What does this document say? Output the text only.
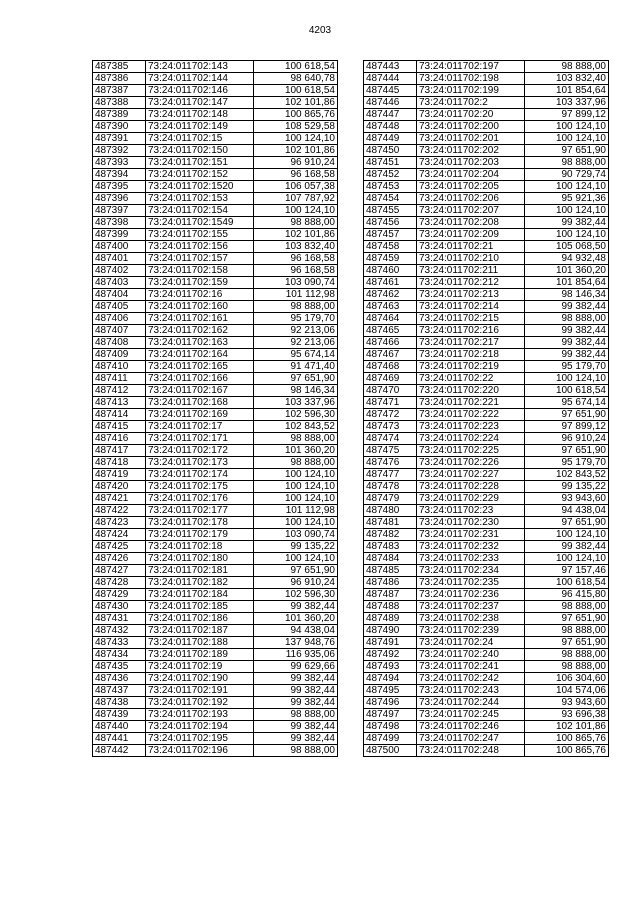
4203
487385	73:24:011702:143	100 618,54
487386	73:24:011702:144	98 640,78
487387	73:24:011702:146	100 618,54
487388	73:24:011702:147	102 101,86
487389	73:24:011702:148	100 865,76
487390	73:24:011702:149	108 529,58
487391	73:24:011702:15	100 124,10
487392	73:24:011702:150	102 101,86
487393	73:24:011702:151	96 910,24
487394	73:24:011702:152	96 168,58
487395	73:24:011702:1520	106 057,38
487396	73:24:011702:153	107 787,92
487397	73:24:011702:154	100 124,10
487398	73:24:011702:1549	98 888,00
487399	73:24:011702:155	102 101,86
487400	73:24:011702:156	103 832,40
487401	73:24:011702:157	96 168,58
487402	73:24:011702:158	96 168,58
487403	73:24:011702:159	103 090,74
487404	73:24:011702:16	101 112,98
487405	73:24:011702:160	98 888,00
487406	73:24:011702:161	95 179,70
487407	73:24:011702:162	92 213,06
487408	73:24:011702:163	92 213,06
487409	73:24:011702:164	95 674,14
487410	73:24:011702:165	91 471,40
487411	73:24:011702:166	97 651,90
487412	73:24:011702:167	98 146,34
487413	73:24:011702:168	103 337,96
487414	73:24:011702:169	102 596,30
487415	73:24:011702:17	102 843,52
487416	73:24:011702:171	98 888,00
487417	73:24:011702:172	101 360,20
487418	73:24:011702:173	98 888,00
487419	73:24:011702:174	100 124,10
487420	73:24:011702:175	100 124,10
487421	73:24:011702:176	100 124,10
487422	73:24:011702:177	101 112,98
487423	73:24:011702:178	100 124,10
487424	73:24:011702:179	103 090,74
487425	73:24:011702:18	99 135,22
487426	73:24:011702:180	100 124,10
487427	73:24:011702:181	97 651,90
487428	73:24:011702:182	96 910,24
487429	73:24:011702:184	102 596,30
487430	73:24:011702:185	99 382,44
487431	73:24:011702:186	101 360,20
487432	73:24:011702:187	94 438,04
487433	73:24:011702:188	137 948,76
487434	73:24:011702:189	116 935,06
487435	73:24:011702:19	99 629,66
487436	73:24:011702:190	99 382,44
487437	73:24:011702:191	99 382,44
487438	73:24:011702:192	99 382,44
487439	73:24:011702:193	98 888,00
487440	73:24:011702:194	99 382,44
487441	73:24:011702:195	99 382,44
487442	73:24:011702:196	98 888,00
487443	73:24:011702:197	98 888,00
487444	73:24:011702:198	103 832,40
487445	73:24:011702:199	101 854,64
487446	73:24:011702:2	103 337,96
487447	73:24:011702:20	97 899,12
487448	73:24:011702:200	100 124,10
487449	73:24:011702:201	100 124,10
487450	73:24:011702:202	97 651,90
487451	73:24:011702:203	98 888,00
487452	73:24:011702:204	90 729,74
487453	73:24:011702:205	100 124,10
487454	73:24:011702:206	95 921,36
487455	73:24:011702:207	100 124,10
487456	73:24:011702:208	99 382,44
487457	73:24:011702:209	100 124,10
487458	73:24:011702:21	105 068,50
487459	73:24:011702:210	94 932,48
487460	73:24:011702:211	101 360,20
487461	73:24:011702:212	101 854,64
487462	73:24:011702:213	98 146,34
487463	73:24:011702:214	99 382,44
487464	73:24:011702:215	98 888,00
487465	73:24:011702:216	99 382,44
487466	73:24:011702:217	99 382,44
487467	73:24:011702:218	99 382,44
487468	73:24:011702:219	95 179,70
487469	73:24:011702:22	100 124,10
487470	73:24:011702:220	100 618,54
487471	73:24:011702:221	95 674,14
487472	73:24:011702:222	97 651,90
487473	73:24:011702:223	97 899,12
487474	73:24:011702:224	96 910,24
487475	73:24:011702:225	97 651,90
487476	73:24:011702:226	95 179,70
487477	73:24:011702:227	102 843,52
487478	73:24:011702:228	99 135,22
487479	73:24:011702:229	93 943,60
487480	73:24:011702:23	94 438,04
487481	73:24:011702:230	97 651,90
487482	73:24:011702:231	100 124,10
487483	73:24:011702:232	99 382,44
487484	73:24:011702:233	100 124,10
487485	73:24:011702:234	97 157,46
487486	73:24:011702:235	100 618,54
487487	73:24:011702:236	96 415,80
487488	73:24:011702:237	98 888,00
487489	73:24:011702:238	97 651,90
487490	73:24:011702:239	98 888,00
487491	73:24:011702:24	97 651,90
487492	73:24:011702:240	98 888,00
487493	73:24:011702:241	98 888,00
487494	73:24:011702:242	106 304,60
487495	73:24:011702:243	104 574,06
487496	73:24:011702:244	93 943,60
487497	73:24:011702:245	93 696,38
487498	73:24:011702:246	102 101,86
487499	73:24:011702:247	100 865,76
487500	73:24:011702:248	100 865,76
